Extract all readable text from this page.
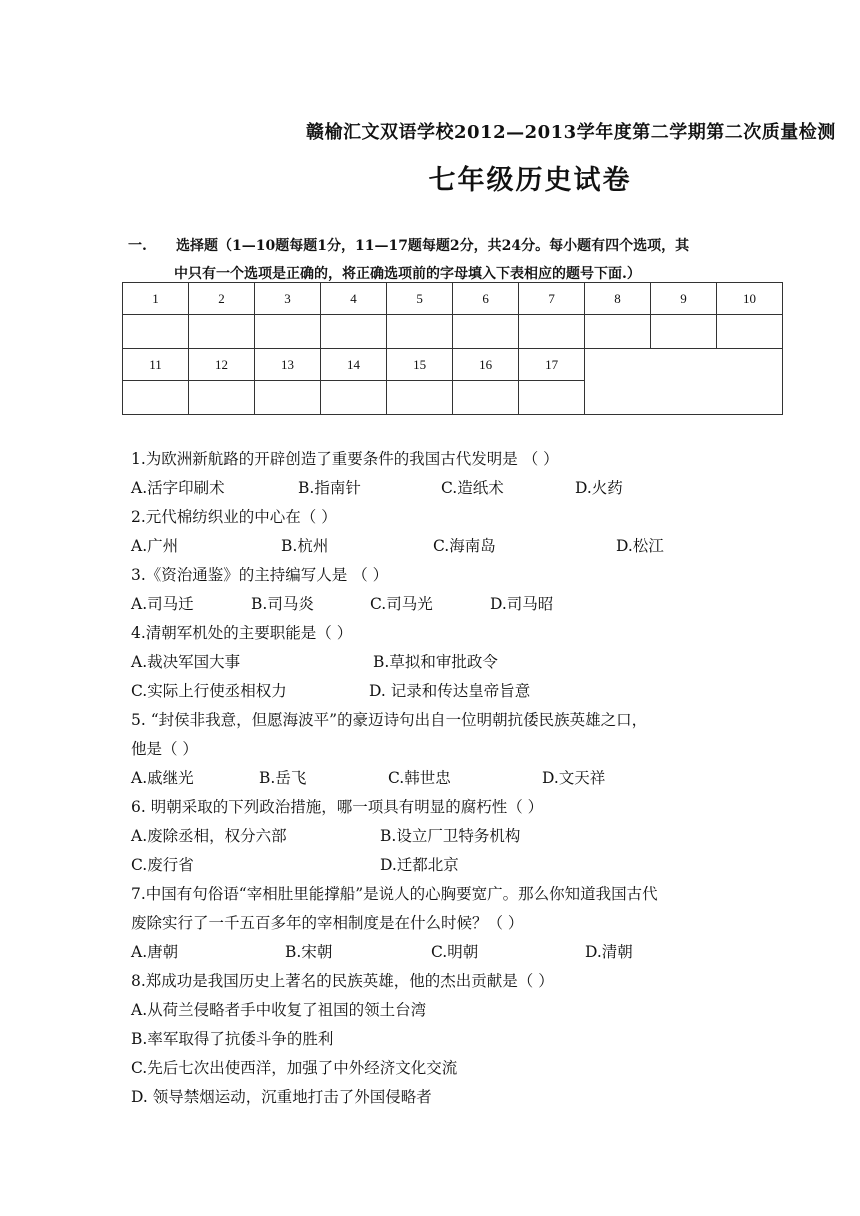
赣榆汇文双语学校2012—2013学年度第二学期第二次质量检测
七年级历史试卷
一. 选择题（1—10题每题1分，11—17题每题2分，共24分。每小题有四个选项，其
中只有一个选项是正确的，将正确选项前的字母填入下表相应的题号下面.）
1	2	3	4	5	6	7	8	9	10

11	12	13	14	15	16	17			

1.为欧洲新航路的开辟创造了重要条件的我国古代发明是 （ ）
A.活字印刷术	B.指南针	C.造纸术	D.火药
2.元代棉纺织业的中心在（ ）
A.广州	B.杭州	C.海南岛	D.松江
3.《资治通鉴》的主持编写人是 （ ）
A.司马迁	B.司马炎	C.司马光	D.司马昭
4.清朝军机处的主要职能是（ ）
A.裁决军国大事	B.草拟和审批政令
C.实际上行使丞相权力	D. 记录和传达皇帝旨意
5. “封侯非我意，但愿海波平”的豪迈诗句出自一位明朝抗倭民族英雄之口，
他是（ ）
A.戚继光	B.岳飞	C.韩世忠	D.文天祥
6. 明朝采取的下列政治措施，哪一项具有明显的腐朽性（ ）
A.废除丞相，权分六部	B.设立厂卫特务机构
C.废行省	D.迁都北京
7.中国有句俗语“宰相肚里能撑船”是说人的心胸要宽广。那么你知道我国古代
废除实行了一千五百多年的宰相制度是在什么时候？（ ）
A.唐朝	B.宋朝	C.明朝	D.清朝
8.郑成功是我国历史上著名的民族英雄，他的杰出贡献是（ ）
A.从荷兰侵略者手中收复了祖国的领土台湾
B.率军取得了抗倭斗争的胜利
C.先后七次出使西洋，加强了中外经济文化交流
D. 领导禁烟运动，沉重地打击了外国侵略者
